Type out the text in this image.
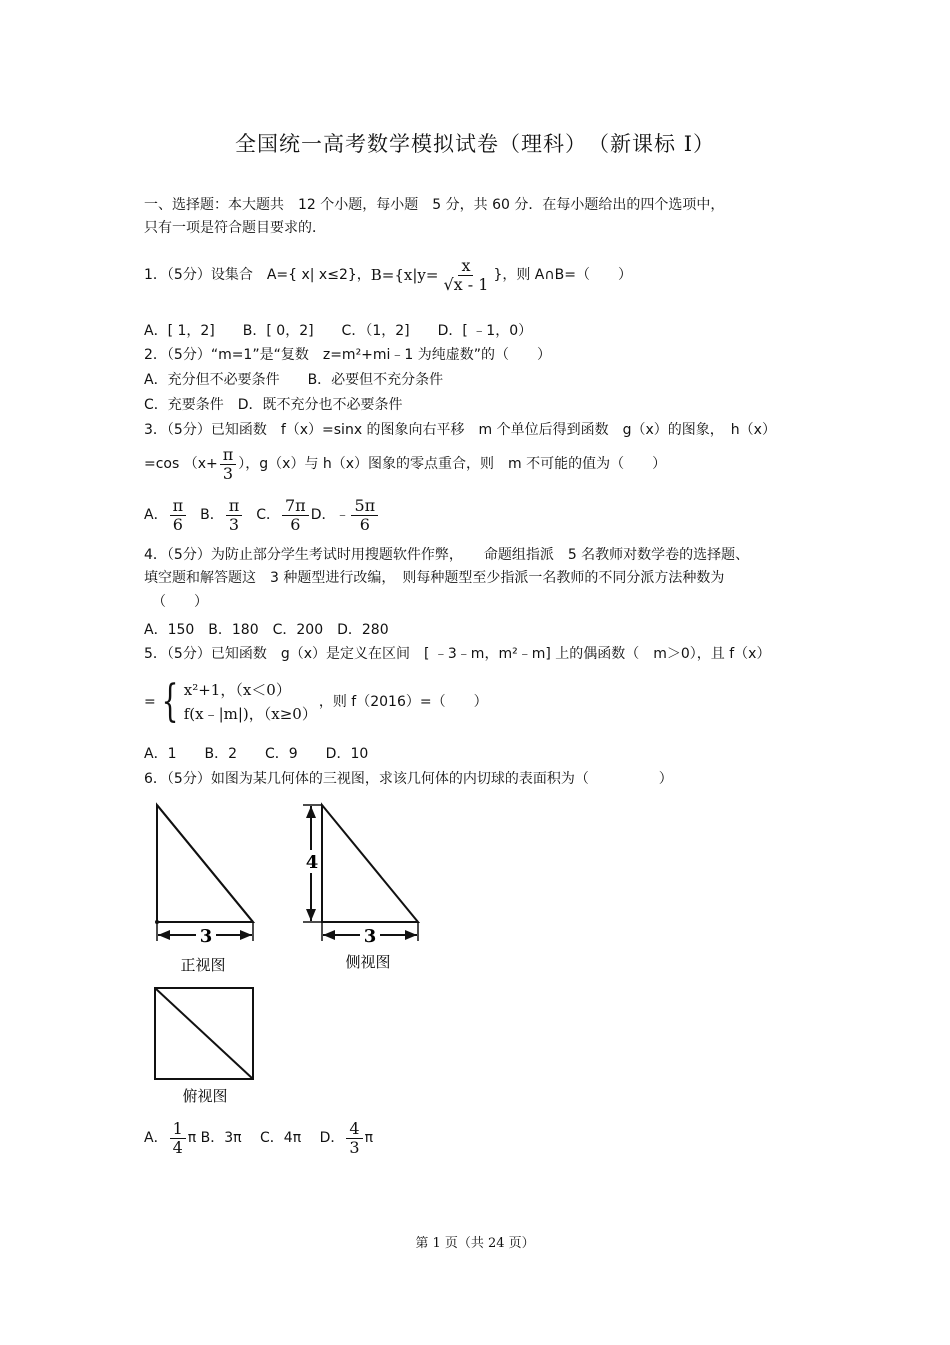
全国统一高考数学模拟试卷（理科）　（新课标 Ⅰ）
一、选择题：本大题共　12 个小题，每小题　5 分，共 60 分．在每小题给出的四个选项中，
只有一项是符合题目要求的．
1．（5分）设集合　A={ x| x≤2}， $B=\{x|y= \frac{x}{√x - 1}$ }，则 A∩B=（　　）
A．[ 1，2]　　B．[ 0，2]　　C．（1，2]　　D．[ ﹣1，0）
2．（5分）“m=1”是“复数　z=m²+mi﹣1 为纯虚数”的（　　）
A．充分但不必要条件　　B．必要但不充分条件
C．充要条件　D．既不充分也不必要条件
3．（5分）已知函数　f（x）=sinx 的图象向右平移　m 个单位后得到函数　g（x）的图象，　h（x）
=cos （$x+ \frac{\pi}{3}$ ），g（x）与 h（x）图象的零点重合，则　m 不可能的值为（　　）
A． $\frac{\pi}{6}$ B． $\frac{\pi}{3}$ C． $\frac{7\pi}{6}$ D．﹣ $\frac{5\pi}{6}$
4．（5分）为防止部分学生考试时用搜题软件作弊，　　命题组指派　5 名教师对数学卷的选择题、
填空题和解答题这　3 种题型进行改编，　则每种题型至少指派一名教师的不同分派方法种数为
（　　）
A．150　B．180　C．200　D．280
5．（5分）已知函数　g（x）是定义在区间　[ ﹣3﹣m，m²﹣m] 上的偶函数（　m＞0），且 f（x）
= { x²+1，（x＜0）
f(x﹣|m|)，（x≥0）
，则 f（2016）=（　　）
A．1　　B．2　　C．9　　D．10
6．（5分）如图为某几何体的三视图，求该几何体的内切球的表面积为（　　　　　）
3
正视图
4
3
侧视图
俯视图
A． $\frac{1}{4}$ π B．3π　 C．4π　 D． $\frac{4}{3}$ π
第 1 页（共 24 页）
